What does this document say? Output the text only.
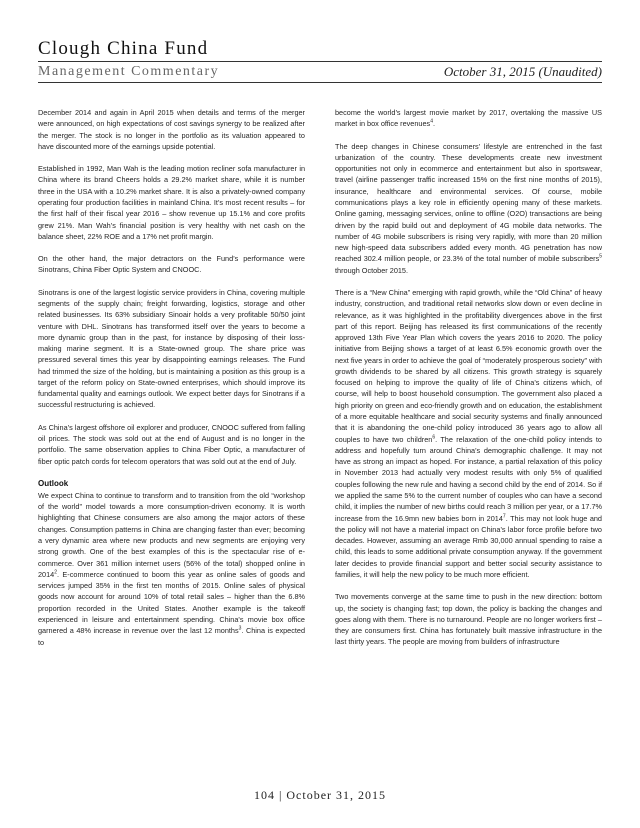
Clough China Fund
Management Commentary	October 31, 2015 (Unaudited)

December 2014 and again in April 2015 when details and terms of the merger were announced, on high expectations of cost savings synergy to be realized after the merger. The stock is no longer in the portfolio as its valuation appeared to have discounted more of the earnings upside potential.

Established in 1992, Man Wah is the leading motion recliner sofa manufacturer in China where its brand Cheers holds a 29.2% market share, while it is number three in the USA with a 10.2% market share. It is also a privately-owned company operating four production facilities in mainland China. It’s most recent results – for the first half of their fiscal year 2016 – show revenue up 15.1% and core profits grew 21%. Man Wah’s financial position is very healthy with net cash on the balance sheet, 22% ROE and a 17% net profit margin.

On the other hand, the major detractors on the Fund’s performance were Sinotrans, China Fiber Optic System and CNOOC.

Sinotrans is one of the largest logistic service providers in China, covering multiple segments of the supply chain; freight forwarding, logistics, storage and other related businesses. Its 63% subsidiary Sinoair holds a very profitable 50/50 joint venture with DHL. Sinotrans has transformed itself over the years to become a more dynamic group than in the past, for instance by disposing of their loss-making marine segment. It is a State-owned group. The share price was pressured several times this year by disappointing earnings releases. The Fund had trimmed the size of the holding, but is maintaining a position as this group is a target of the reform policy on State-owned enterprises, which should improve its fundamental quality and earnings outlook. We expect better days for Sinotrans if a successful restructuring is achieved.

As China’s largest offshore oil explorer and producer, CNOOC suffered from falling oil prices. The stock was sold out at the end of August and is no longer in the portfolio. The same observation applies to China Fiber Optic, a manufacturer of fiber optic patch cords for telecom operators that was sold out at the end of July.

Outlook

We expect China to continue to transform and to transition from the old “workshop of the world” model towards a more consumption-driven economy. It is worth highlighting that Chinese consumers are also among the major actors of these changes. Consumption patterns in China are changing faster than ever; becoming a very dynamic area where new products and new segments are enjoying very strong growth. One of the best examples of this is the spectacular rise of e-commerce. Over 361 million internet users (56% of the total) shopped online in 2014$^2$. E-commerce continued to boom this year as online sales of goods and services jumped 35% in the first ten months of 2015. Online sales of physical goods now account for around 10% of total retail sales – higher than the 6.8% proportion recorded in the United States. Another example is the takeoff experienced in leisure and entertainment spending. China's movie box office garnered a 48% increase in revenue over the last 12 months$^3$. China is expected to

become the world’s largest movie market by 2017, overtaking the massive US market in box office revenues$^4$.

The deep changes in Chinese consumers’ lifestyle are entrenched in the fast urbanization of the country. These developments create new investment opportunities not only in ecommerce and entertainment but also in sportswear, travel (airline passenger traffic increased 15% on the first nine months of 2015), insurance, healthcare and environmental services. Of course, mobile communications plays a key role in efficiently opening many of these markets. Online gaming, messaging services, online to offline (O2O) transactions are being driven by the rapid build out and deployment of 4G mobile data networks. The number of 4G mobile subscribers is rising very rapidly, with more than 20 million new high-speed data subscribers added every month. 4G penetration has now reached 302.4 million people, or 23.3% of the total number of mobile subscribers$^5$ through October 2015.

There is a “New China” emerging with rapid growth, while the “Old China” of heavy industry, construction, and traditional retail networks slow down or even decline in relevance, as it was highlighted in the profitability divergences above in the first part of this report. Beijing has released its first communications of the recently approved 13th Five Year Plan which covers the years 2016 to 2020. The policy initiative from Beijing shows a target of at least 6.5% economic growth over the next five years in order to achieve the goal of “moderately prosperous society” with growth dividends to be shared by all citizens. This growth strategy is squarely focused on helping to improve the quality of life of China’s citizens which, of course, will help to boost household consumption. The government also placed a high priority on green and eco-friendly growth and on education, the establishment of a more equitable healthcare and social security systems and finally announced that it is abandoning the one-child policy introduced 36 years ago to allow all couples to have two children$^6$. The relaxation of the one-child policy intends to address and hopefully turn around China’s demographic challenge. It may not have as strong an impact as hoped. For instance, a partial relaxation of this policy in November 2013 had actually very modest results with only 5% of qualified couples following the new rule and having a second child by the end of 2014. So if we applied the same 5% to the current number of couples who can have a second child, it implies the number of new births could reach 3 million per year, or a 17.7% increase from the 16.9mn new babies born in 2014$^7$. This may not look huge and the policy will not have a material impact on China’s labor force profile before two decades. However, assuming an average Rmb 30,000 annual spending to raise a child, this leads to some additional private consumption anyway. If the government later decides to provide financial support and better social security assistance to families, it will help the new policy to be much more efficient.

Two movements converge at the same time to push in the new direction: bottom up, the society is changing fast; top down, the policy is backing the changes and goes along with them. There is no turnaround. People are no longer workers first – they are consumers first. China has fortunately built massive infrastructure in the last thirty years. The people are moving from builders of infrastructure

104 | October 31, 2015
